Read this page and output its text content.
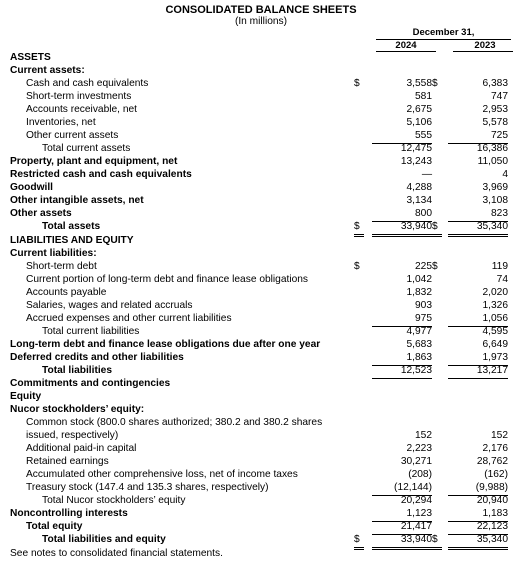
CONSOLIDATED BALANCE SHEETS
(In millions)
December 31,
2024	2023
ASSETS
Current assets:
Cash and cash equivalents	$	3,558 $	6,383
Short-term investments	581	747
Accounts receivable, net	2,675	2,953
Inventories, net	5,106	5,578
Other current assets	555	725
Total current assets	12,475	16,386
Property, plant and equipment, net	13,243	11,050
Restricted cash and cash equivalents	—	4
Goodwill	4,288	3,969
Other intangible assets, net	3,134	3,108
Other assets	800	823
Total assets	$	33,940 $	35,340
LIABILITIES AND EQUITY
Current liabilities:
Short-term debt	$	225 $	119
Current portion of long-term debt and finance lease obligations	1,042	74
Accounts payable	1,832	2,020
Salaries, wages and related accruals	903	1,326
Accrued expenses and other current liabilities	975	1,056
Total current liabilities	4,977	4,595
Long-term debt and finance lease obligations due after one year	5,683	6,649
Deferred credits and other liabilities	1,863	1,973
Total liabilities	12,523	13,217
Commitments and contingencies
Equity
Nucor stockholders’ equity:
Common stock (800.0 shares authorized; 380.2 and 380.2 shares issued, respectively)	152	152
Additional paid-in capital	2,223	2,176
Retained earnings	30,271	28,762
Accumulated other comprehensive loss, net of income taxes	(208)	(162)
Treasury stock (147.4 and 135.3 shares, respectively)	(12,144)	(9,988)
Total Nucor stockholders’ equity	20,294	20,940
Noncontrolling interests	1,123	1,183
Total equity	21,417	22,123
Total liabilities and equity	$	33,940 $	35,340
See notes to consolidated financial statements.
